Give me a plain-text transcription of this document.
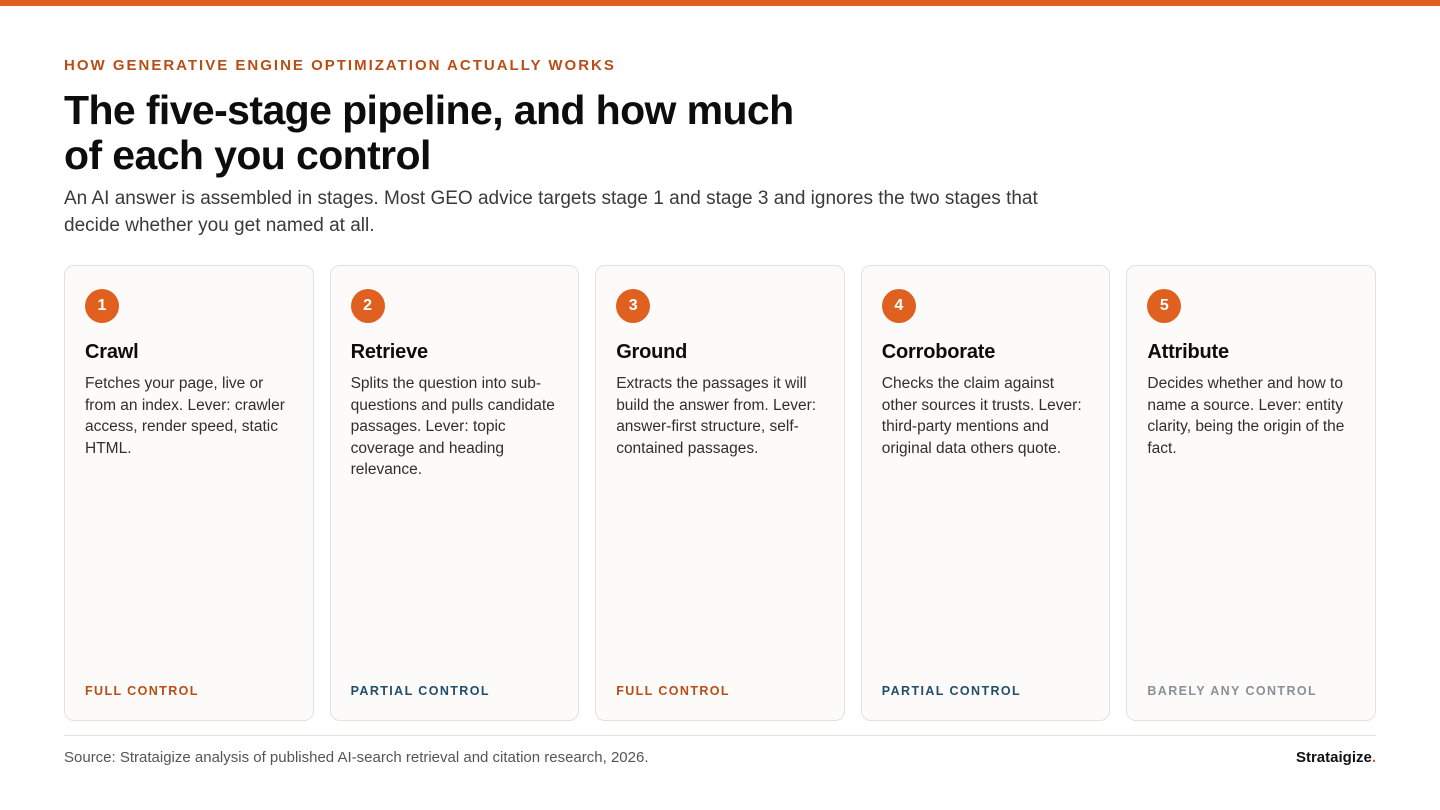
HOW GENERATIVE ENGINE OPTIMIZATION ACTUALLY WORKS
The five-stage pipeline, and how much of each you control

An AI answer is assembled in stages. Most GEO advice targets stage 1 and stage 3 and ignores the two stages that decide whether you get named at all.

1
Crawl
Fetches your page, live or from an index. Lever: crawler access, render speed, static HTML.
FULL CONTROL
2
Retrieve
Splits the question into sub-questions and pulls candidate passages. Lever: topic coverage and heading relevance.
PARTIAL CONTROL
3
Ground
Extracts the passages it will build the answer from. Lever: answer-first structure, self-contained passages.
FULL CONTROL
4
Corroborate
Checks the claim against other sources it trusts. Lever: third-party mentions and original data others quote.
PARTIAL CONTROL
5
Attribute
Decides whether and how to name a source. Lever: entity clarity, being the origin of the fact.
BARELY ANY CONTROL
Source: Strataigize analysis of published AI-search retrieval and citation research, 2026.	Strataigize.
